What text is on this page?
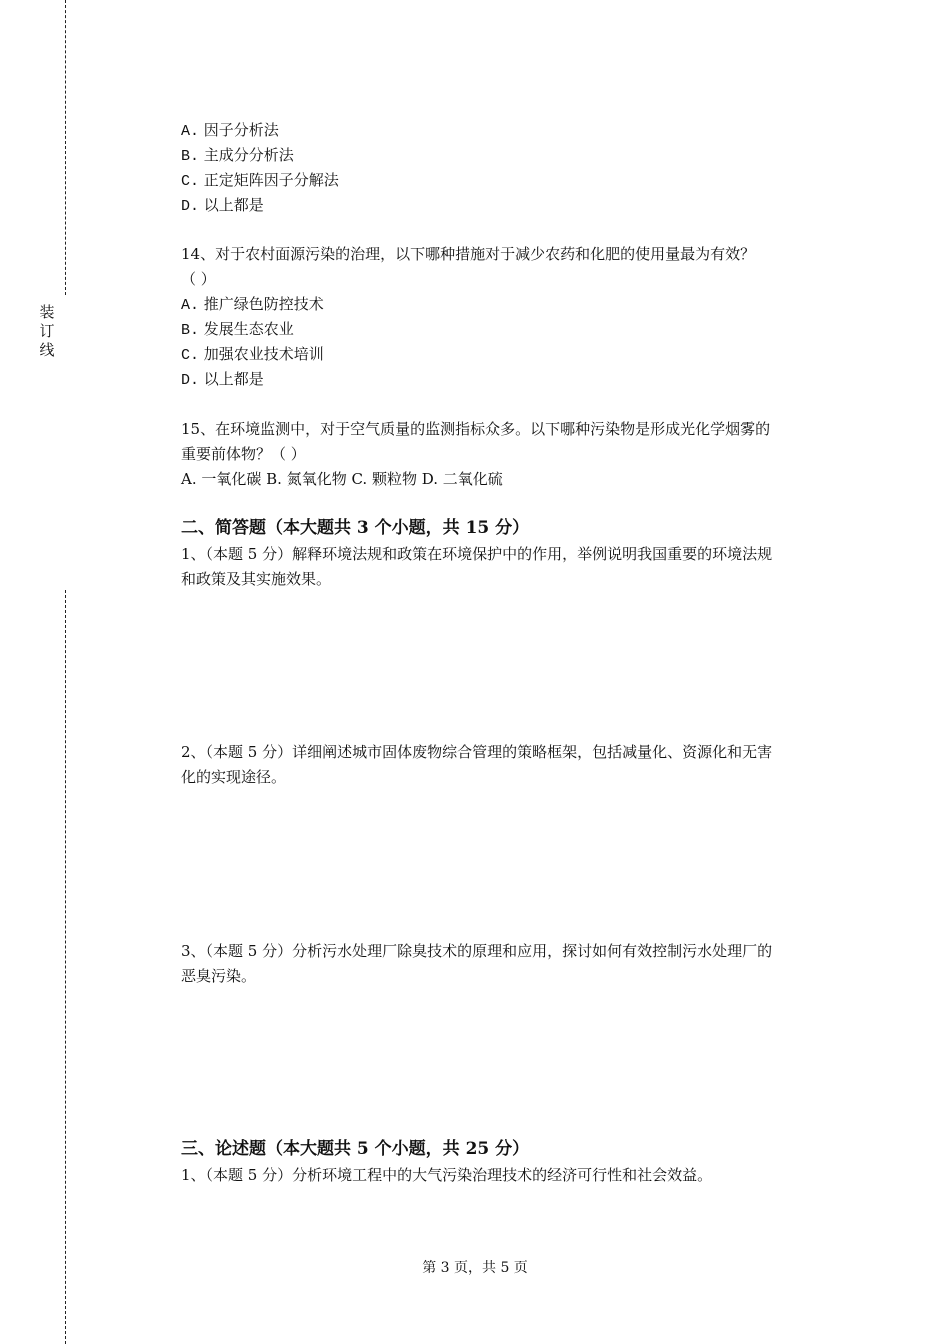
装
订
线
A. 因子分析法
B. 主成分分析法
C. 正定矩阵因子分解法
D. 以上都是
14、对于农村面源污染的治理，以下哪种措施对于减少农药和化肥的使用量最为有效？
（ ）
A. 推广绿色防控技术
B. 发展生态农业
C. 加强农业技术培训
D. 以上都是
15、在环境监测中，对于空气质量的监测指标众多。以下哪种污染物是形成光化学烟雾的
重要前体物？（ ）
A. 一氧化碳 B. 氮氧化物 C. 颗粒物 D. 二氧化硫
二、简答题（本大题共 3 个小题，共 15 分）
1、（本题 5 分）解释环境法规和政策在环境保护中的作用，举例说明我国重要的环境法规
和政策及其实施效果。
2、（本题 5 分）详细阐述城市固体废物综合管理的策略框架，包括减量化、资源化和无害
化的实现途径。
3、（本题 5 分）分析污水处理厂除臭技术的原理和应用，探讨如何有效控制污水处理厂的
恶臭污染。
三、论述题（本大题共 5 个小题，共 25 分）
1、（本题 5 分）分析环境工程中的大气污染治理技术的经济可行性和社会效益。
第 3 页，共 5 页
